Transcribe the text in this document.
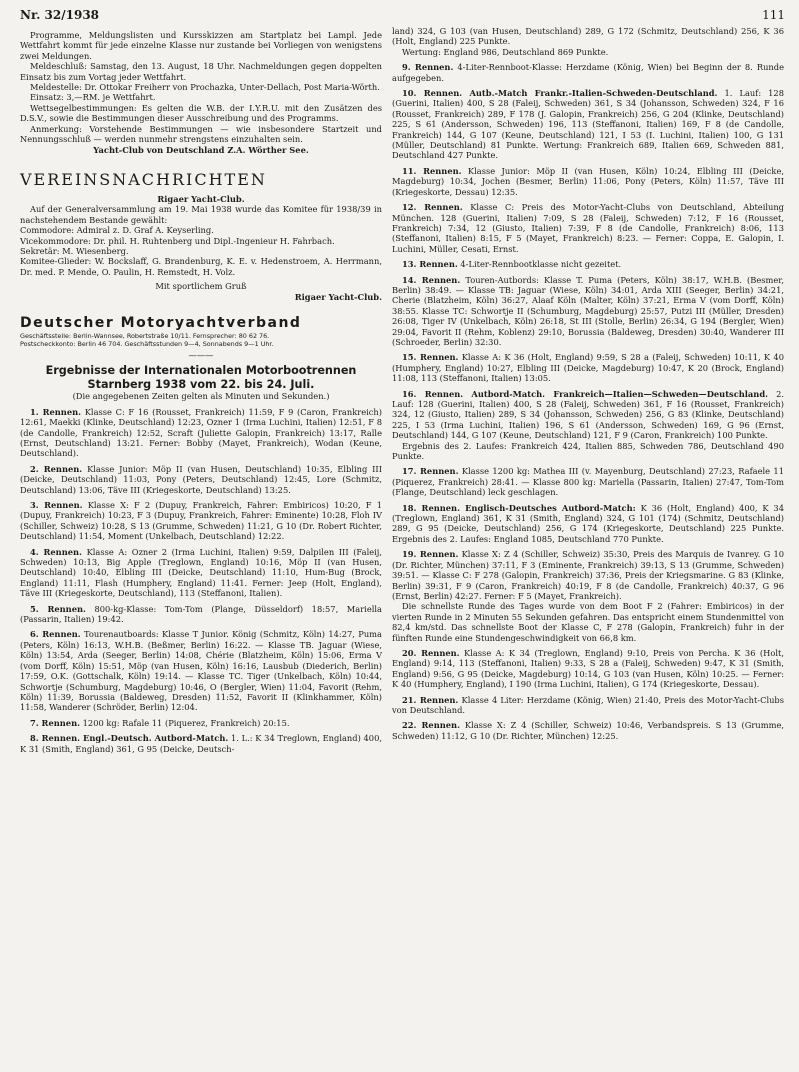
Nr. 32/1938	111

Programme, Meldungslisten und Kursskizzen am Startplatz bei Lampl. Jede Wettfahrt kommt für jede einzelne Klasse nur zustande bei Vorliegen von wenigstens zwei Meldungen.

Meldeschluß: Samstag, den 13. August, 18 Uhr. Nachmeldungen gegen doppelten Einsatz bis zum Vortag jeder Wettfahrt.

Meldestelle: Dr. Ottokar Freiherr von Prochazka, Unter-Dellach, Post Maria-Wörth.

Einsatz: 3,—RM. je Wettfahrt.

Wettsegelbestimmungen: Es gelten die W.B. der I.Y.R.U. mit den Zusätzen des D.S.V., sowie die Bestimmungen dieser Ausschreibung und des Programms.

Anmerkung: Vorstehende Bestimmungen — wie insbesondere Startzeit und Nennungsschluß — werden nunmehr strengstens einzuhalten sein.

Yacht-Club von Deutschland Z.A. Wörther See.

VEREINSNACHRICHTEN

Rigaer Yacht-Club.

Auf der Generalversammlung am 19. Mai 1938 wurde das Komitee für 1938/39 in nachstehendem Bestande gewählt:

Commodore: Admiral z. D. Graf A. Keyserling.

Vicekommodore: Dr. phil. H. Ruhtenberg und Dipl.-Ingenieur H. Fahrbach.

Sekretär: M. Wiesenberg.

Komitee-Glieder: W. Bockslaff, G. Brandenburg, K. E. v. Hedenstroem, A. Herrmann, Dr. med. P. Mende, O. Paulin, H. Remstedt, H. Volz.

Mit sportlichem Gruß

Rigaer Yacht-Club.

Deutscher Motoryachtverband

Geschäftsstelle: Berlin-Wannsee, Robertstraße 10/11. Fernsprecher: 80 62 76.

Postscheckkonto: Berlin 46 704. Geschäftsstunden 9—4, Sonnabends 9—1 Uhr.

———

Ergebnisse der Internationalen Motorbootrennen

Starnberg 1938 vom 22. bis 24. Juli.

(Die angegebenen Zeiten gelten als Minuten und Sekunden.)

1. Rennen. Klasse C: F 16 (Rousset, Frankreich) 11:59, F 9 (Caron, Frankreich) 12:61, Maekki (Klinke, Deutschland) 12:23, Ozner 1 (Irma Luchini, Italien) 12:51, F 8 (de Candolle, Frankreich) 12:52, Scraft (Juliette Galopin, Frankreich) 13:17, Ralle (Ernst, Deutschland) 13:21. Ferner: Bobby (Mayet, Frankreich), Wodan (Keune, Deutschland).

2. Rennen. Klasse Junior: Möp II (van Husen, Deutschland) 10:35, Elbling III (Deicke, Deutschland) 11:03, Pony (Peters, Deutschland) 12:45, Lore (Schmitz, Deutschland) 13:06, Täve III (Kriegeskorte, Deutschland) 13:25.

3. Rennen. Klasse X: F 2 (Dupuy, Frankreich, Fahrer: Embiricos) 10:20, F 1 (Dupuy, Frankreich) 10:23, F 3 (Dupuy, Frankreich, Fahrer: Eminente) 10:28, Floh IV (Schiller, Schweiz) 10:28, S 13 (Grumme, Schweden) 11:21, G 10 (Dr. Robert Richter, Deutschland) 11:54, Moment (Unkelbach, Deutschland) 12:22.

4. Rennen. Klasse A: Ozner 2 (Irma Luchini, Italien) 9:59, Dalpilen III (Faleij, Schweden) 10:13, Big Apple (Treglown, England) 10:16, Möp II (van Husen, Deutschland) 10:40, Elbling III (Deicke, Deutschland) 11:10, Hum-Bug (Brock, England) 11:11, Flash (Humphery, England) 11:41. Ferner: Jeep (Holt, England), Täve III (Kriegeskorte, Deutschland), 113 (Steffanoni, Italien).

5. Rennen. 800-kg-Klasse: Tom-Tom (Plange, Düsseldorf) 18:57, Mariella (Passarin, Italien) 19:42.

6. Rennen. Tourenautboards: Klasse T Junior. König (Schmitz, Köln) 14:27, Puma (Peters, Köln) 16:13, W.H.B. (Beßmer, Berlin) 16:22. — Klasse TB. Jaguar (Wiese, Köln) 13:54, Arda (Seeger, Berlin) 14:08, Chérie (Blatzheim, Köln) 15:06, Erma V (vom Dorff, Köln) 15:51, Möp (van Husen, Köln) 16:16, Lausbub (Diederich, Berlin) 17:59, O.K. (Gottschalk, Köln) 19:14. — Klasse TC. Tiger (Unkelbach, Köln) 10:44, Schwortje (Schumburg, Magdeburg) 10:46, O (Bergler, Wien) 11:04, Favorit (Rehm, Köln) 11:39, Borussia (Baldeweg, Dresden) 11:52, Favorit II (Klinkhammer, Köln) 11:58, Wanderer (Schröder, Berlin) 12:04.

7. Rennen. 1200 kg: Rafale 11 (Piquerez, Frankreich) 20:15.

8. Rennen. Engl.-Deutsch. Autbord-Match. 1. L.: K 34 Treglown, England) 400, K 31 (Smith, England) 361, G 95 (Deicke, Deutsch-

land) 324, G 103 (van Husen, Deutschland) 289, G 172 (Schmitz, Deutschland) 256, K 36 (Holt, England) 225 Punkte.

Wertung: England 986, Deutschland 869 Punkte.

9. Rennen. 4-Liter-Rennboot-Klasse: Herzdame (König, Wien) bei Beginn der 8. Runde aufgegeben.

10. Rennen. Autb.-Match Frankr.-Italien-Schweden-Deutschland. 1. Lauf: 128 (Guerini, Italien) 400, S 28 (Faleij, Schweden) 361, S 34 (Johansson, Schweden) 324, F 16 (Rousset, Frankreich) 289, F 178 (J. Galopin, Frankreich) 256, G 204 (Klinke, Deutschland) 225, S 61 (Andersson, Schweden) 196, 113 (Steffanoni, Italien) 169, F 8 (de Candolle, Frankreich) 144, G 107 (Keune, Deutschland) 121, I 53 (I. Luchini, Italien) 100, G 131 (Müller, Deutschland) 81 Punkte. Wertung: Frankreich 689, Italien 669, Schweden 881, Deutschland 427 Punkte.

11. Rennen. Klasse Junior: Möp II (van Husen, Köln) 10:24, Elbling III (Deicke, Magdeburg) 10:34, Jochen (Besmer, Berlin) 11:06, Pony (Peters, Köln) 11:57, Täve III (Kriegeskorte, Dessau) 12:35.

12. Rennen. Klasse C: Preis des Motor-Yacht-Clubs von Deutschland, Abteilung München. 128 (Guerini, Italien) 7:09, S 28 (Faleij, Schweden) 7:12, F 16 (Rousset, Frankreich) 7:34, 12 (Giusto, Italien) 7:39, F 8 (de Candolle, Frankreich) 8:06, 113 (Steffanoni, Italien) 8:15, F 5 (Mayet, Frankreich) 8:23. — Ferner: Coppa, E. Galopin, I. Luchini, Müller, Cesati, Ernst.

13. Rennen. 4-Liter-Rennbootklasse nicht gezeitet.

14. Rennen. Touren-Autbords: Klasse T. Puma (Peters, Köln) 38:17, W.H.B. (Besmer, Berlin) 38:49. — Klasse TB: Jaguar (Wiese, Köln) 34:01, Arda XIII (Seeger, Berlin) 34:21, Cherie (Blatzheim, Köln) 36:27, Alaaf Köln (Malter, Köln) 37:21, Erma V (vom Dorff, Köln) 38:55. Klasse TC: Schwortje II (Schumburg, Magdeburg) 25:57, Putzi III (Müller, Dresden) 26:08, Tiger IV (Unkelbach, Köln) 26:18, St III (Stolle, Berlin) 26:34, G 194 (Bergler, Wien) 29:04, Favorit II (Rehm, Koblenz) 29:10, Borussia (Baldeweg, Dresden) 30:40, Wanderer III (Schroeder, Berlin) 32:30.

15. Rennen. Klasse A: K 36 (Holt, England) 9:59, S 28 a (Faleij, Schweden) 10:11, K 40 (Humphery, England) 10:27, Elbling III (Deicke, Magdeburg) 10:47, K 20 (Brock, England) 11:08, 113 (Steffanoni, Italien) 13:05.

16. Rennen. Autbord-Match. Frankreich—Italien—Schweden—Deutschland. 2. Lauf: 128 (Guerini, Italien) 400, S 28 (Faleij, Schweden) 361, F 16 (Rousset, Frankreich) 324, 12 (Giusto, Italien) 289, S 34 (Johansson, Schweden) 256, G 83 (Klinke, Deutschland) 225, I 53 (Irma Luchini, Italien) 196, S 61 (Andersson, Schweden) 169, G 96 (Ernst, Deutschland) 144, G 107 (Keune, Deutschland) 121, F 9 (Caron, Frankreich) 100 Punkte.

Ergebnis des 2. Laufes: Frankreich 424, Italien 885, Schweden 786, Deutschland 490 Punkte.

17. Rennen. Klasse 1200 kg: Mathea III (v. Mayenburg, Deutschland) 27:23, Rafaele 11 (Piquerez, Frankreich) 28:41. — Klasse 800 kg: Mariella (Passarin, Italien) 27:47, Tom-Tom (Flange, Deutschland) leck geschlagen.

18. Rennen. Englisch-Deutsches Autbord-Match: K 36 (Holt, England) 400, K 34 (Treglown, England) 361, K 31 (Smith, England) 324, G 101 (174) (Schmitz, Deutschland) 289, G 95 (Deicke, Deutschland) 256, G 174 (Kriegeskorte, Deutschland) 225 Punkte. Ergebnis des 2. Laufes: England 1085, Deutschland 770 Punkte.

19. Rennen. Klasse X: Z 4 (Schiller, Schweiz) 35:30, Preis des Marquis de Ivanrey. G 10 (Dr. Richter, München) 37:11, F 3 (Eminente, Frankreich) 39:13, S 13 (Grumme, Schweden) 39:51. — Klasse C: F 278 (Galopin, Frankreich) 37:36, Preis der Kriegsmarine. G 83 (Klinke, Berlin) 39:31, F 9 (Caron, Frankreich) 40:19, F 8 (de Candolle, Frankreich) 40:37, G 96 (Ernst, Berlin) 42:27. Ferner: F 5 (Mayet, Frankreich).

Die schnellste Runde des Tages wurde von dem Boot F 2 (Fahrer: Embiricos) in der vierten Runde in 2 Minuten 55 Sekunden gefahren. Das entspricht einem Stundenmittel von 82,4 km/std. Das schnellste Boot der Klasse C, F 278 (Galopin, Frankreich) fuhr in der fünften Runde eine Stundengeschwindigkeit von 66,8 km.

20. Rennen. Klasse A: K 34 (Treglown, England) 9:10, Preis von Percha. K 36 (Holt, England) 9:14, 113 (Steffanoni, Italien) 9:33, S 28 a (Faleij, Schweden) 9:47, K 31 (Smith, England) 9:56, G 95 (Deicke, Magdeburg) 10:14, G 103 (van Husen, Köln) 10:25. — Ferner: K 40 (Humphery, England), I 190 (Irma Luchini, Italien), G 174 (Kriegeskorte, Dessau).

21. Rennen. Klasse 4 Liter: Herzdame (König, Wien) 21:40, Preis des Motor-Yacht-Clubs von Deutschland.

22. Rennen. Klasse X: Z 4 (Schiller, Schweiz) 10:46, Verbandspreis. S 13 (Grumme, Schweden) 11:12, G 10 (Dr. Richter, München) 12:25.
